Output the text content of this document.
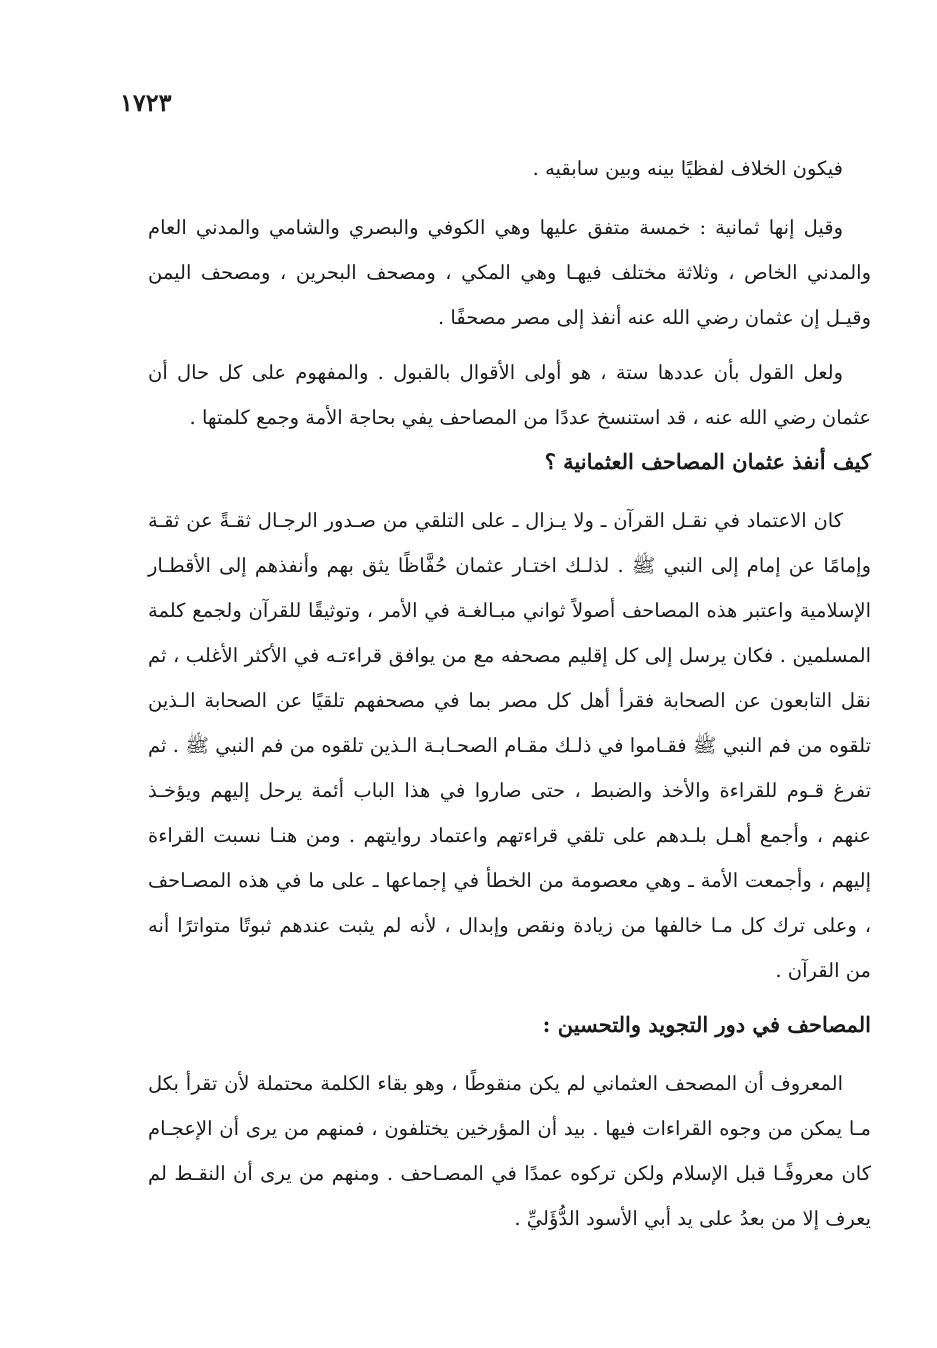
١٧٢٣

فيكون الخلاف لفظيًا بينه وبين سابقيه .

وقيل إنها ثمانية : خمسة متفق عليها وهي الكوفي والبصري والشامي والمدني العام والمدني الخاص ، وثلاثة مختلف فيهـا وهي المكي ، ومصحف البحرين ، ومصحف اليمن وقيـل إن عثمان رضي الله عنه أنفذ إلى مصر مصحفًا .

ولعل القول بأن عددها ستة ، هو أولى الأقوال بالقبول . والمفهوم على كل حال أن عثمان رضي الله عنه ، قد استنسخ عددًا من المصاحف يفي بحاجة الأمة وجمع كلمتها .

كيف أنفذ عثمان المصاحف العثمانية ؟

كان الاعتماد في نقـل القرآن ـ ولا يـزال ـ على التلقي من صـدور الرجـال ثقـةً عن ثقـة وإمامًا عن إمام إلى النبي ﷺ . لذلـك اختـار عثمان حُفَّاظًا يثق بهم وأنفذهم إلى الأقطـار الإسلامية واعتبر هذه المصاحف أصولاً ثواني مبـالغـة في الأمر ، وتوثيقًا للقرآن ولجمع كلمة المسلمين . فكان يرسل إلى كل إقليم مصحفه مع من يوافق قراءتـه في الأكثر الأغلب ، ثم نقل التابعون عن الصحابة فقرأ أهل كل مصر بما في مصحفهم تلقيًا عن الصحابة الـذين تلقوه من فم النبي ﷺ فقـاموا في ذلـك مقـام الصحـابـة الـذين تلقوه من فم النبي ﷺ . ثم تفرغ قـوم للقراءة والأخذ والضبط ، حتى صاروا في هذا الباب أئمة يرحل إليهم ويؤخـذ عنهم ، وأجمع أهـل بلـدهم على تلقي قراءتهم واعتماد روايتهم . ومن هنـا نسبت القراءة إليهم ، وأجمعت الأمة ـ وهي معصومة من الخطأ في إجماعها ـ على ما في هذه المصـاحف ، وعلى ترك كل مـا خالفها من زيادة ونقص وإبدال ، لأنه لم يثبت عندهم ثبوتًا متواترًا أنه من القرآن .

المصاحف في دور التجويد والتحسين :

المعروف أن المصحف العثماني لم يكن منقوطًا ، وهو بقاء الكلمة محتملة لأن تقرأ بكل مـا يمكن من وجوه القراءات فيها . بيد أن المؤرخين يختلفون ، فمنهم من يرى أن الإعجـام كان معروفًـا قبل الإسلام ولكن تركوه عمدًا في المصـاحف . ومنهم من يرى أن النقـط لم يعرف إلا من بعدُ على يد أبي الأسود الدُّؤَليِّ .
